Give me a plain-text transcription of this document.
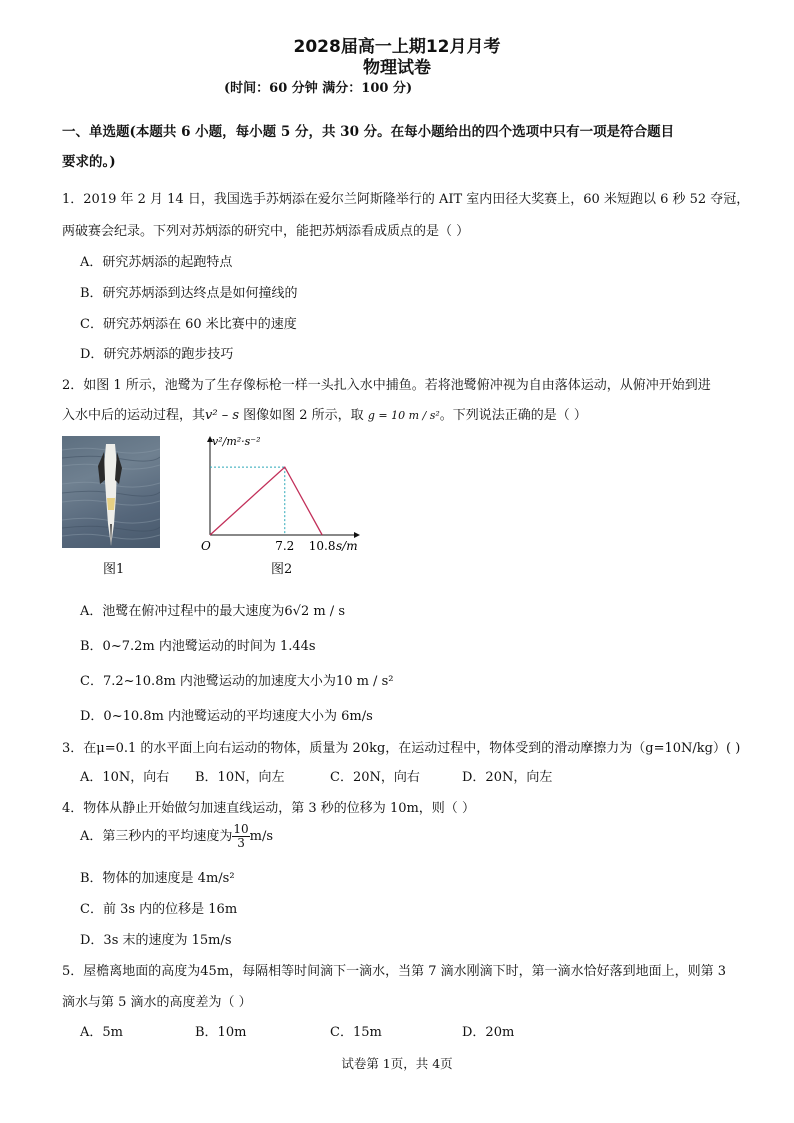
2028届高一上期12月月考
物理试卷
(时间：60 分钟 满分：100 分)
一、单选题(本题共 6 小题，每小题 5 分，共 30 分。在每小题给出的四个选项中只有一项是符合题目
要求的。)
1．2019 年 2 月 14 日，我国选手苏炳添在爱尔兰阿斯隆举行的 AIT 室内田径大奖赛上，60 米短跑以 6 秒 52 夺冠，
两破赛会纪录。下列对苏炳添的研究中，能把苏炳添看成质点的是（ ）
A．研究苏炳添的起跑特点
B．研究苏炳添到达终点是如何撞线的
C．研究苏炳添在 60 米比赛中的速度
D．研究苏炳添的跑步技巧
2．如图 1 所示，池鹭为了生存像标枪一样一头扎入水中捕鱼。若将池鹭俯冲视为自由落体运动，从俯冲开始到进
入水中后的运动过程，其v² – s 图像如图 2 所示，取 g = 10 m / s²。下列说法正确的是（ ）
图1
v²/m²·s⁻²
O	7.2 10.8 s/m
图2
A．池鹭在俯冲过程中的最大速度为6√2 m / s
B．0~7.2m 内池鹭运动的时间为 1.44s
C．7.2~10.8m 内池鹭运动的加速度大小为10 m / s²
D．0~10.8m 内池鹭运动的平均速度大小为 6m/s
3．在μ=0.1 的水平面上向右运动的物体，质量为 20kg，在运动过程中，物体受到的滑动摩擦力为（g=10N/kg）( )
A．10N，向右 B．10N，向左	C．20N，向右	D．20N，向左
4．物体从静止开始做匀加速直线运动，第 3 秒的位移为 10m，则（ ）
A．第三秒内的平均速度为 $\frac{10}{3} m/s$
B．物体的加速度是 4m/s²
C．前 3s 内的位移是 16m
D．3s 末的速度为 15m/s
5．屋檐离地面的高度为45m，每隔相等时间滴下一滴水，当第 7 滴水刚滴下时，第一滴水恰好落到地面上，则第 3
滴水与第 5 滴水的高度差为（ ）
A．5m	B．10m	C．15m	D．20m
试卷第 1页，共 4页
